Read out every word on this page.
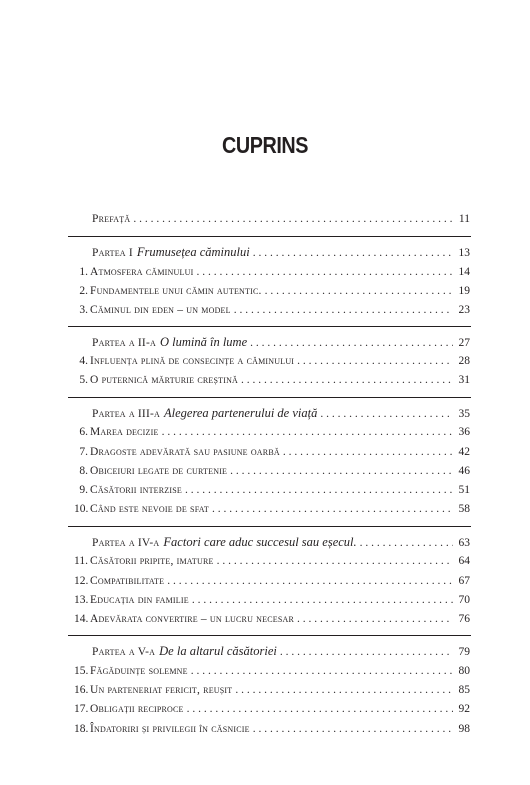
CUPRINS
Prefață . . .	11
Partea I Frumusețea căminului . . .	13
1. Atmosfera căminului . . .	14
2. Fundamentele unui cămin autentic. . . .	19
3. Căminul din eden – un model . . .	23
Partea a II-a O lumină în lume . . .	27
4. Influența plină de consecințe a căminului . . .	28
5. O puternică mărturie creștină . . .	31
Partea a III-a Alegerea partenerului de viață . . .	35
6. Marea decizie . . .	36
7. Dragoste adevărată sau pasiune oarbă . . .	42
8. Obiceiuri legate de curtenie . . .	46
9. Căsătorii interzise . . .	51
10. Când este nevoie de sfat . . .	58
Partea a IV-a Factori care aduc succesul sau eșecul. . . .	63
11. Căsătorii pripite, imature . . .	64
12. Compatibilitate . . .	67
13. Educația din familie . . .	70
14. Adevărata convertire – un lucru necesar . . .	76
Partea a V-a De la altarul căsătoriei . . .	79
15. Făgăduințe solemne . . .	80
16. Un parteneriat fericit, reușit . . .	85
17. Obligații reciproce . . .	92
18. Îndatoriri și privilegii în căsnicie . . .	98
